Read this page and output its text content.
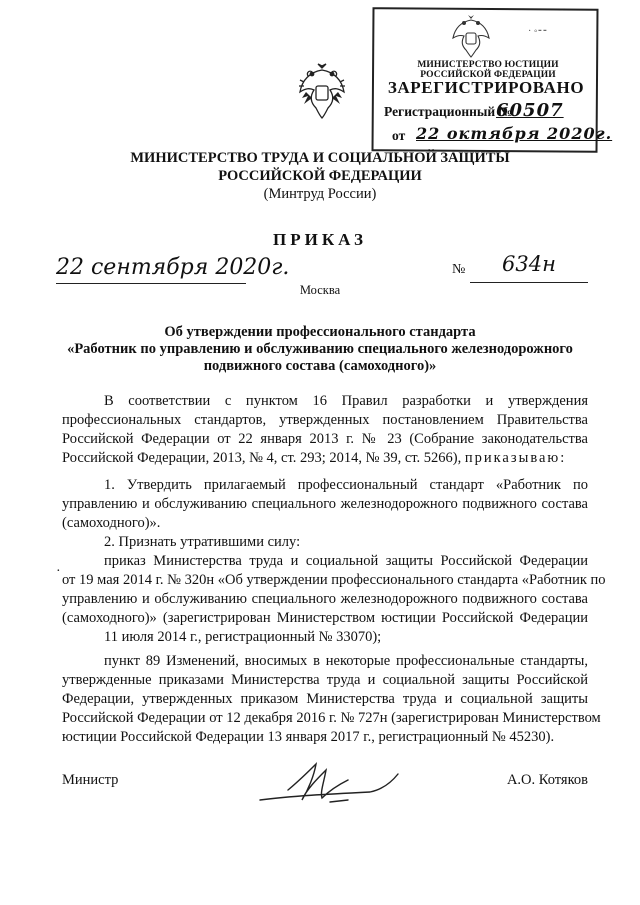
· ◦⁃⁃
МИНИСТЕРСТВО ЮСТИЦИИ РОССИЙСКОЙ ФЕДЕРАЦИИ
ЗАРЕГИСТРИРОВАНО
Регистрационный №
60507
от 22 октября 2020г.
МИНИСТЕРСТВО ТРУДА И СОЦИАЛЬНОЙ ЗАЩИТЫ
РОССИЙСКОЙ ФЕДЕРАЦИИ
(Минтруд России)
ПРИКАЗ
22 сентября 2020г.	№ 634н
Москва
Об утверждении профессионального стандарта
«Работник по управлению и обслуживанию специального железнодорожного
подвижного состава (самоходного)»
В соответствии с пунктом 16 Правил разработки и утверждения
профессиональных стандартов, утвержденных постановлением Правительства
Российской Федерации от 22 января 2013 г. № 23 (Собрание законодательства
Российской Федерации, 2013, № 4, ст. 293; 2014, № 39, ст. 5266), приказываю:
1. Утвердить прилагаемый профессиональный стандарт «Работник по
управлению и обслуживанию специального железнодорожного подвижного состава
(самоходного)».
2. Признать утратившими силу:
приказ Министерства труда и социальной защиты Российской Федерации
·
от 19 мая 2014 г. № 320н «Об утверждении профессионального стандарта «Работник по
управлению и обслуживанию специального железнодорожного подвижного состава
(самоходного)» (зарегистрирован Министерством юстиции Российской Федерации
11 июля 2014 г., регистрационный № 33070);
пункт 89 Изменений, вносимых в некоторые профессиональные стандарты,
утвержденные приказами Министерства труда и социальной защиты Российской
Федерации, утвержденных приказом Министерства труда и социальной защиты
Российской Федерации от 12 декабря 2016 г. № 727н (зарегистрирован Министерством
юстиции Российской Федерации 13 января 2017 г., регистрационный № 45230).
Министр	А.О. Котяков
